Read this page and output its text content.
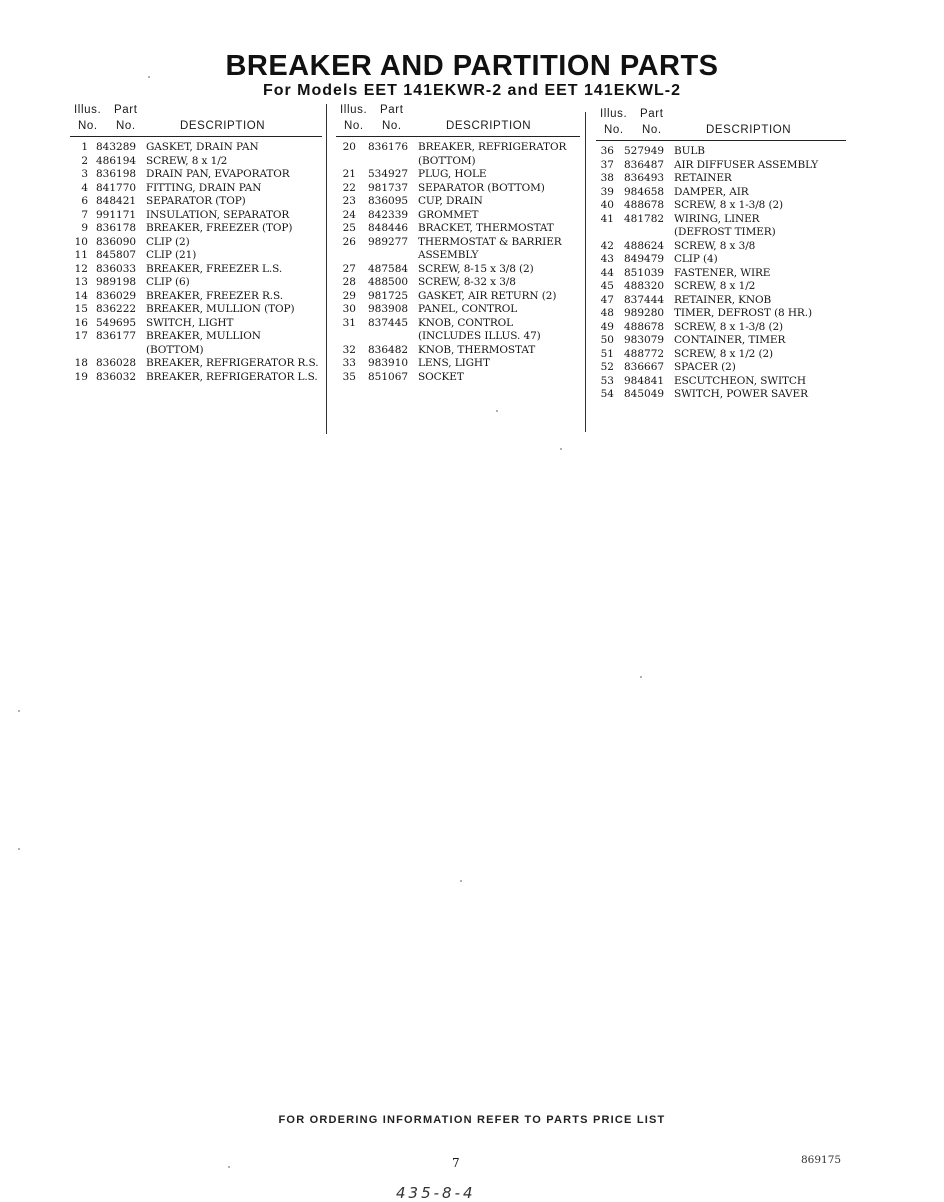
BREAKER AND PARTITION PARTS
For Models EET 141EKWR-2 and EET 141EKWL-2
Illus. Part
No. No.	DESCRIPTION
1 843289 GASKET, DRAIN PAN
2 486194 SCREW, 8 x 1/2
3 836198 DRAIN PAN, EVAPORATOR
4 841770 FITTING, DRAIN PAN
6 848421 SEPARATOR (TOP)
7 991171 INSULATION, SEPARATOR
9 836178 BREAKER, FREEZER (TOP)
10 836090 CLIP (2)
11 845807 CLIP (21)
12 836033 BREAKER, FREEZER L.S.
13 989198 CLIP (6)
14 836029 BREAKER, FREEZER R.S.
15 836222 BREAKER, MULLION (TOP)
16 549695 SWITCH, LIGHT
17 836177 BREAKER, MULLION
(BOTTOM)
18 836028 BREAKER, REFRIGERATOR R.S.
19 836032 BREAKER, REFRIGERATOR L.S.
Illus. Part
No. No.	DESCRIPTION
20 836176 BREAKER, REFRIGERATOR
(BOTTOM)
21 534927 PLUG, HOLE
22 981737 SEPARATOR (BOTTOM)
23 836095 CUP, DRAIN
24 842339 GROMMET
25 848446 BRACKET, THERMOSTAT
26 989277 THERMOSTAT & BARRIER
ASSEMBLY
27 487584 SCREW, 8-15 x 3/8 (2)
28 488500 SCREW, 8-32 x 3/8
29 981725 GASKET, AIR RETURN (2)
30 983908 PANEL, CONTROL
31 837445 KNOB, CONTROL
(INCLUDES ILLUS. 47)
32 836482 KNOB, THERMOSTAT
33 983910 LENS, LIGHT
35 851067 SOCKET
Illus. Part
No. No.	DESCRIPTION
36 527949 BULB
37 836487 AIR DIFFUSER ASSEMBLY
38 836493 RETAINER
39 984658 DAMPER, AIR
40 488678 SCREW, 8 x 1-3/8 (2)
41 481782 WIRING, LINER
(DEFROST TIMER)
42 488624 SCREW, 8 x 3/8
43 849479 CLIP (4)
44 851039 FASTENER, WIRE
45 488320 SCREW, 8 x 1/2
47 837444 RETAINER, KNOB
48 989280 TIMER, DEFROST (8 HR.)
49 488678 SCREW, 8 x 1-3/8 (2)
50 983079 CONTAINER, TIMER
51 488772 SCREW, 8 x 1/2 (2)
52 836667 SPACER (2)
53 984841 ESCUTCHEON, SWITCH
54 845049 SWITCH, POWER SAVER
FOR ORDERING INFORMATION REFER TO PARTS PRICE LIST
7	869175
435-8-4
